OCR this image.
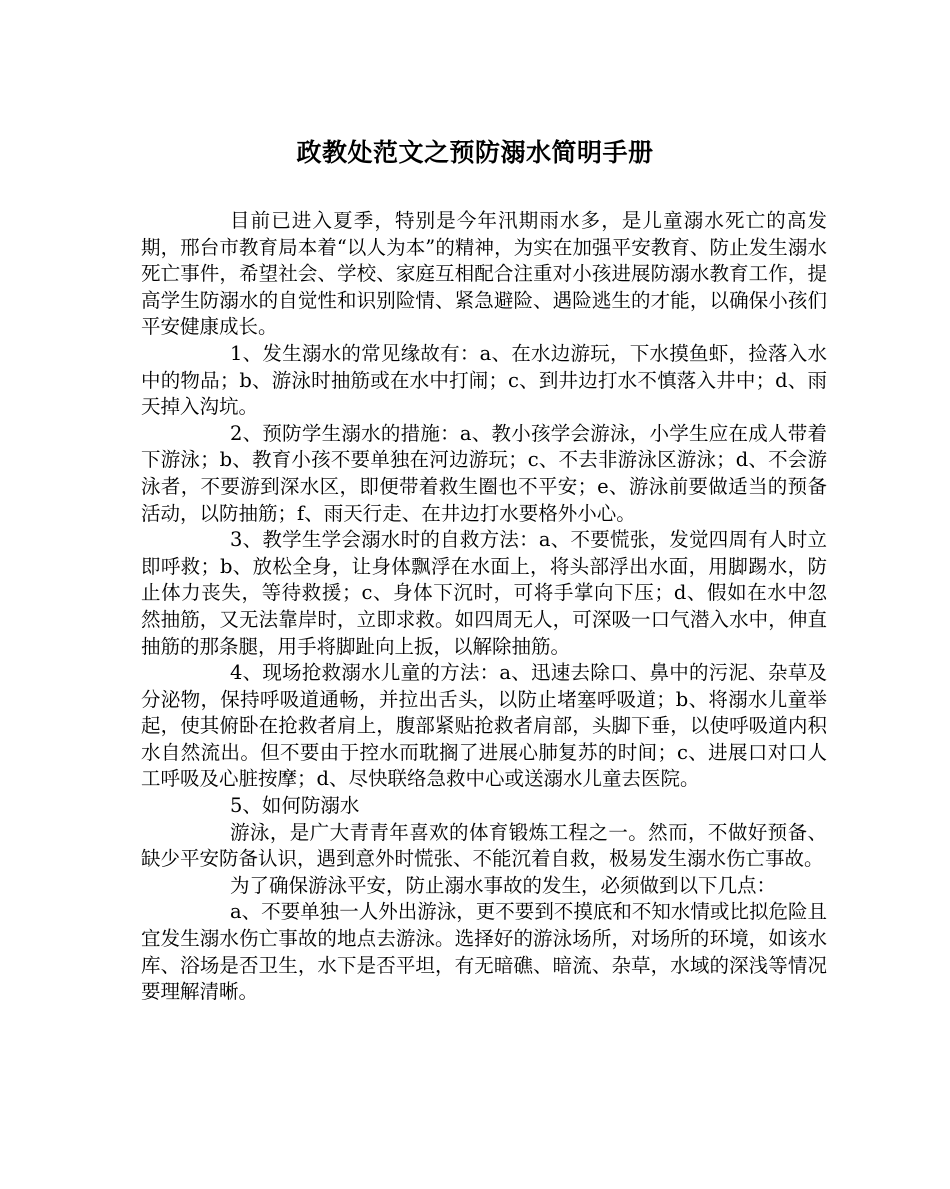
政教处范文之预防溺水简明手册

目前已进入夏季，特别是今年汛期雨水多，是儿童溺水死亡的高发期，邢台市教育局本着“以人为本”的精神，为实在加强平安教育、防止发生溺水死亡事件，希望社会、学校、家庭互相配合注重对小孩进展防溺水教育工作，提高学生防溺水的自觉性和识别险情、紧急避险、遇险逃生的才能，以确保小孩们平安健康成长。

1、发生溺水的常见缘故有：a、在水边游玩，下水摸鱼虾，捡落入水中的物品；b、游泳时抽筋或在水中打闹；c、到井边打水不慎落入井中；d、雨天掉入沟坑。

2、预防学生溺水的措施：a、教小孩学会游泳，小学生应在成人带着下游泳；b、教育小孩不要单独在河边游玩；c、不去非游泳区游泳；d、不会游泳者，不要游到深水区，即便带着救生圈也不平安；e、游泳前要做适当的预备活动，以防抽筋；f、雨天行走、在井边打水要格外小心。

3、教学生学会溺水时的自救方法：a、不要慌张，发觉四周有人时立即呼救；b、放松全身，让身体飘浮在水面上，将头部浮出水面，用脚踢水，防止体力丧失，等待救援；c、身体下沉时，可将手掌向下压；d、假如在水中忽然抽筋，又无法靠岸时，立即求救。如四周无人，可深吸一口气潜入水中，伸直抽筋的那条腿，用手将脚趾向上扳，以解除抽筋。

4、现场抢救溺水儿童的方法：a、迅速去除口、鼻中的污泥、杂草及分泌物，保持呼吸道通畅，并拉出舌头，以防止堵塞呼吸道；b、将溺水儿童举起，使其俯卧在抢救者肩上，腹部紧贴抢救者肩部，头脚下垂，以使呼吸道内积水自然流出。但不要由于控水而耽搁了进展心肺复苏的时间；c、进展口对口人工呼吸及心脏按摩；d、尽快联络急救中心或送溺水儿童去医院。

5、如何防溺水

游泳，是广大青青年喜欢的体育锻炼工程之一。然而，不做好预备、缺少平安防备认识，遇到意外时慌张、不能沉着自救，极易发生溺水伤亡事故。

为了确保游泳平安，防止溺水事故的发生，必须做到以下几点：

a、不要单独一人外出游泳，更不要到不摸底和不知水情或比拟危险且宜发生溺水伤亡事故的地点去游泳。选择好的游泳场所，对场所的环境，如该水库、浴场是否卫生，水下是否平坦，有无暗礁、暗流、杂草，水域的深浅等情况要理解清晰。
